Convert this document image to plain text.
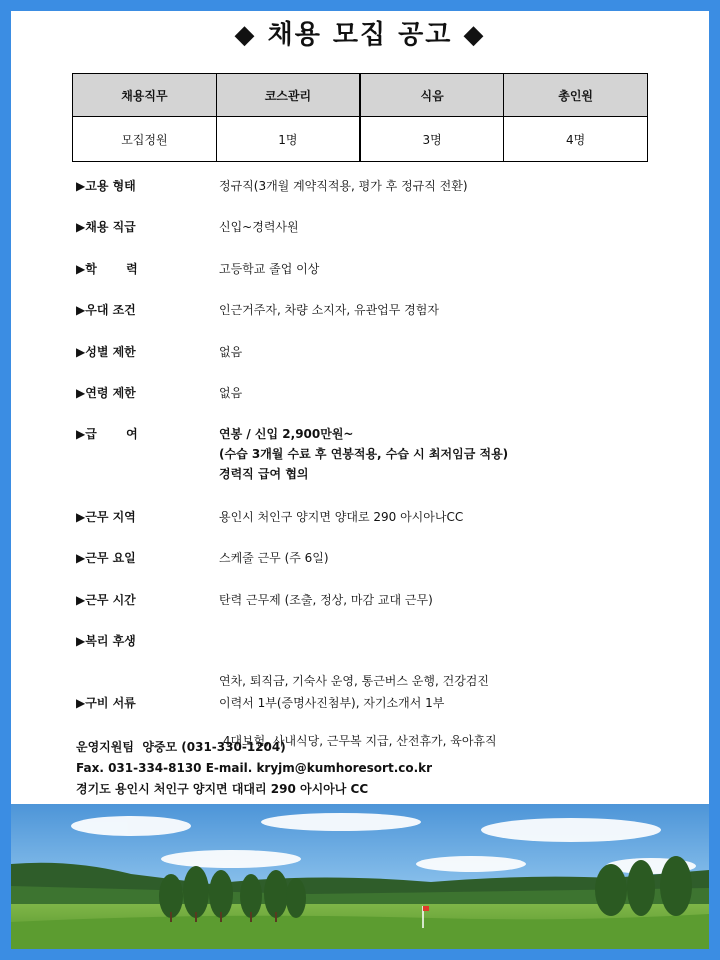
◆ 채용 모집 공고 ◆
채용직무	코스관리	식음	총인원
모집정원	1명	3명	4명
▶고용 형태	정규직(3개월 계약직적용, 평가 후 정규직 전환)
▶채용 직급	신입~경력사원
▶학       력	고등학교 졸업 이상
▶우대 조건	인근거주자, 차량 소지자, 유관업무 경험자
▶성별 제한	없음
▶연령 제한	없음
▶급       여	연봉 / 신입 2,900만원~
(수습 3개월 수료 후 연봉적용, 수습 시 최저임금 적용)
경력직 급여 협의
▶근무 지역	용인시 처인구 양지면 양대로 290 아시아나CC
▶근무 요일	스케줄 근무 (주 6일)
▶근무 시간	탄력 근무제 (조출, 정상, 마감 교대 근무)
▶복리 후생

연차, 퇴직금, 기숙사 운영, 통근버스 운행, 건강검진

4대보험, 사내식당, 근무복 지급, 산전휴가, 육아휴직

▶구비 서류	이력서 1부(증명사진첨부), 자기소개서 1부
운영지원팀  양중모 (031-330-1204)
Fax. 031-334-8130 E-mail. kryjm@kumhoresort.co.kr
경기도 용인시 처인구 양지면 대대리 290 아시아나 CC
